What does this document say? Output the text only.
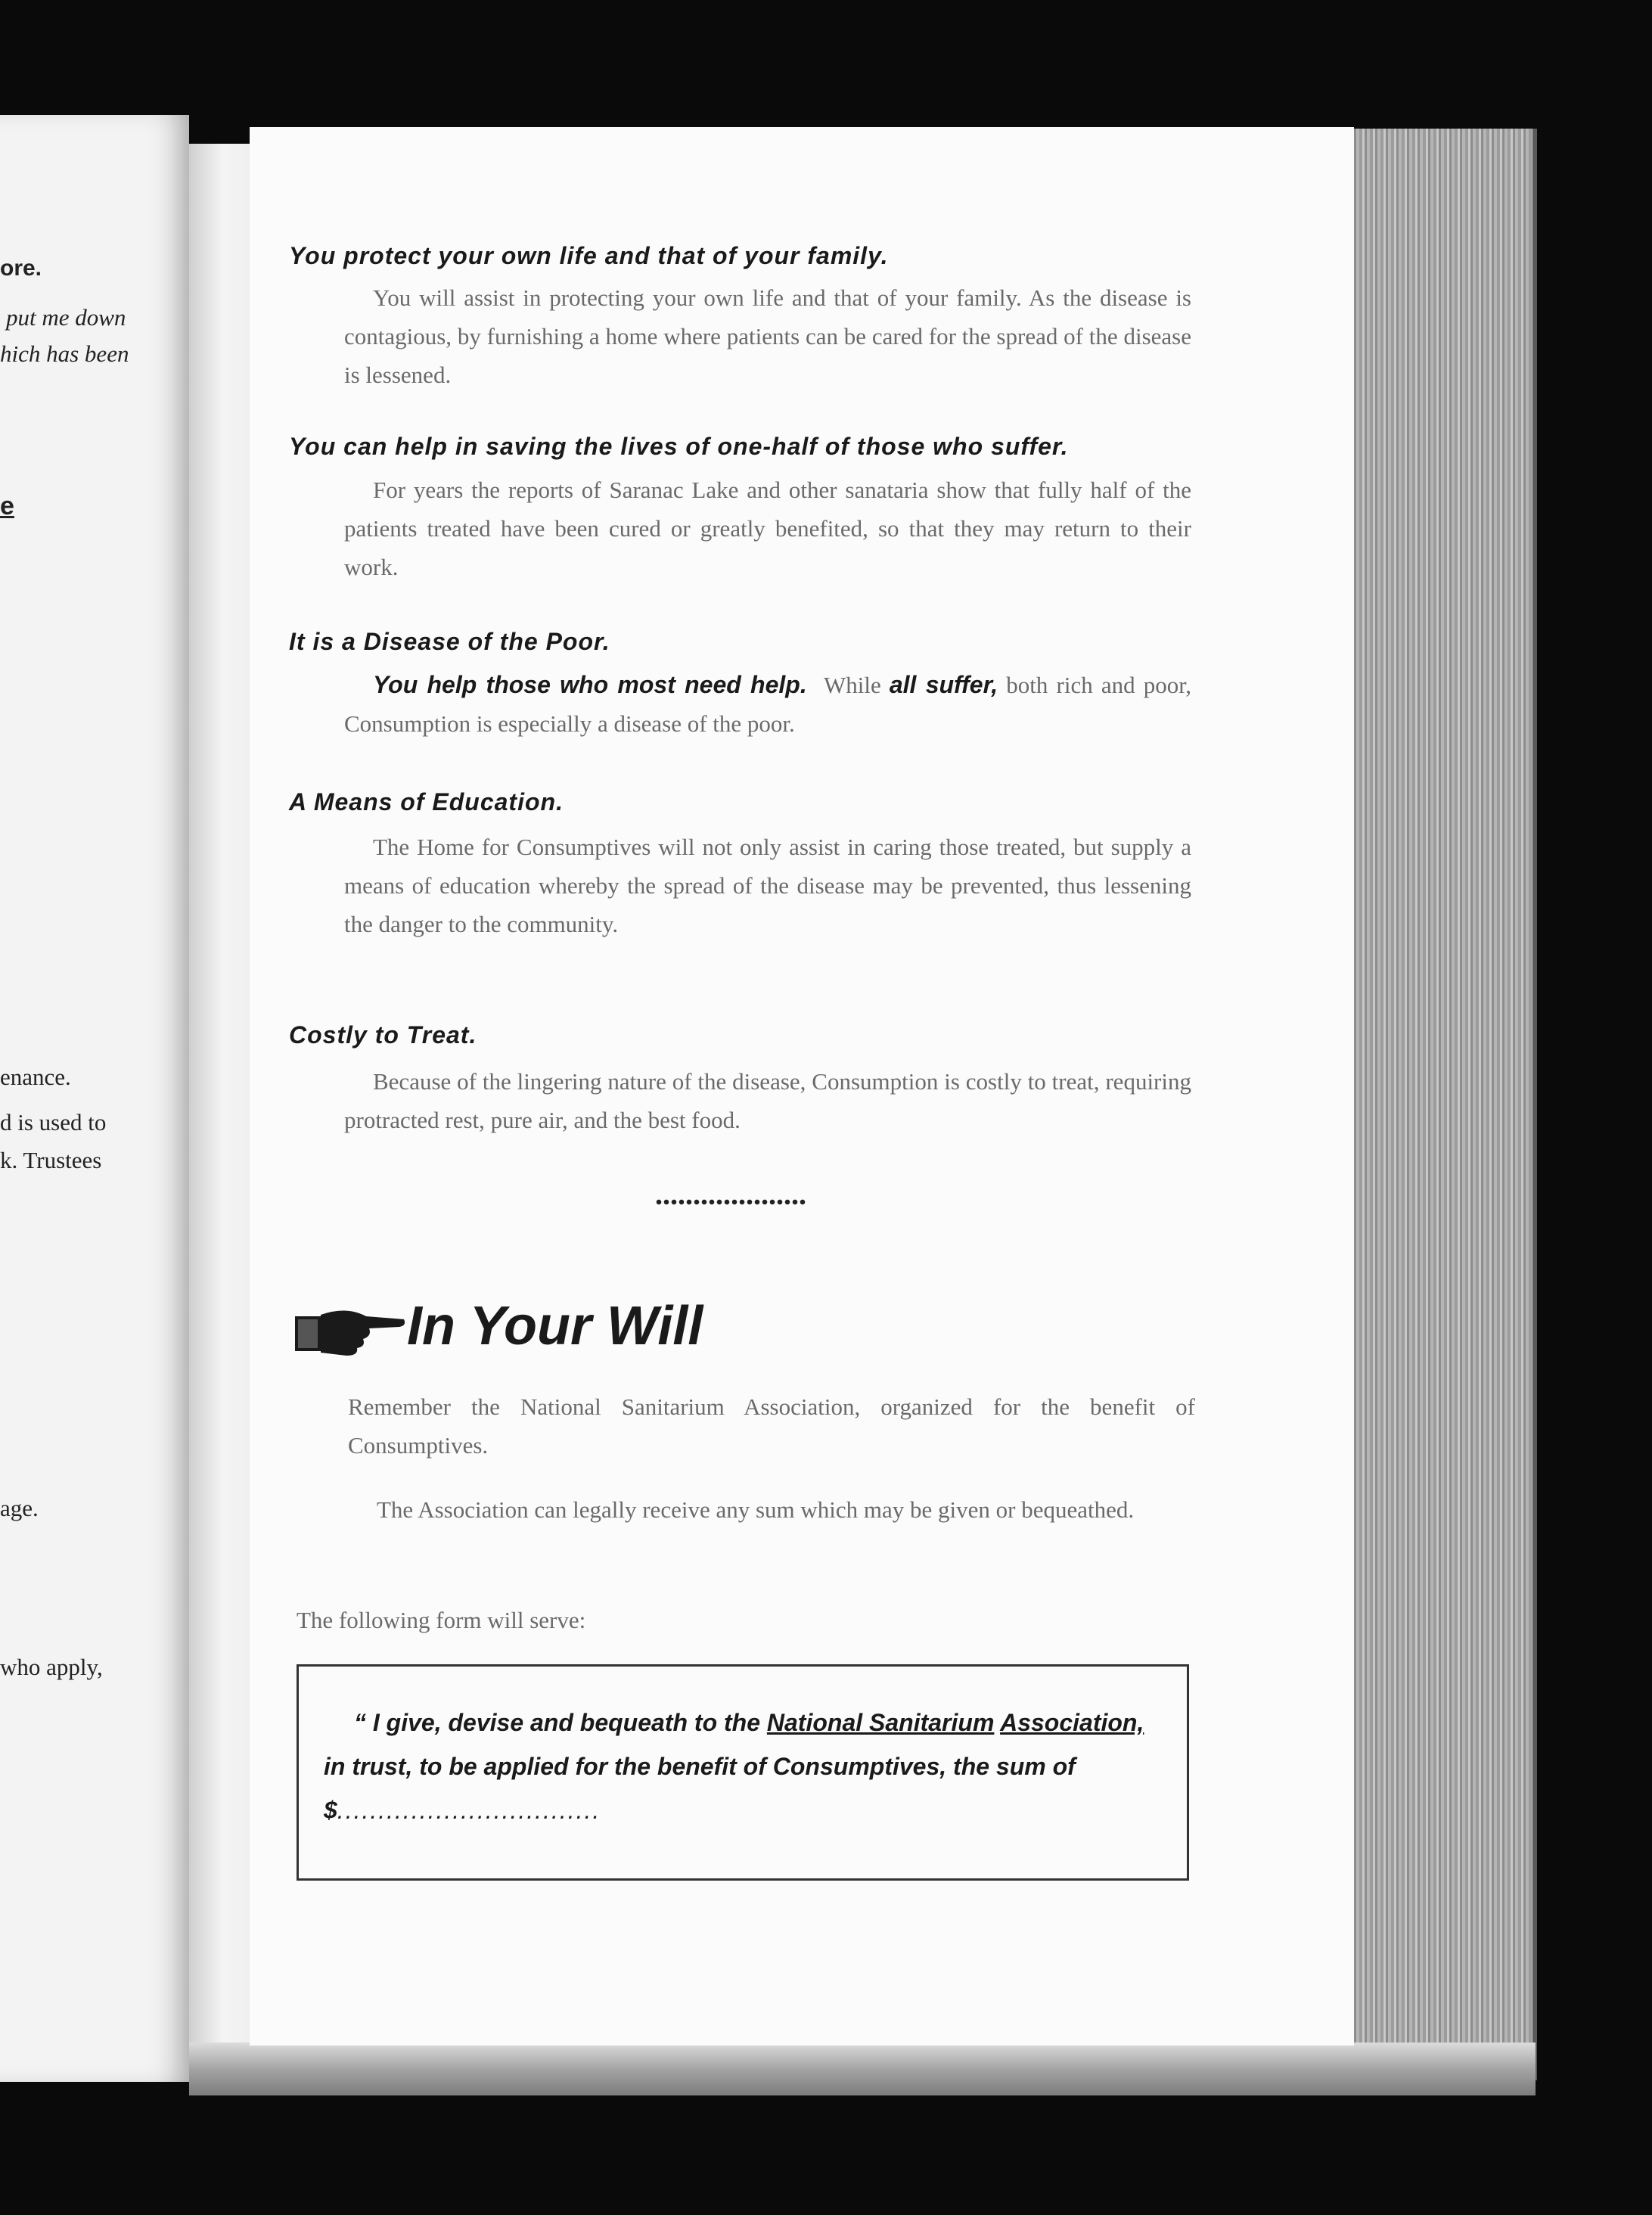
ore.
put me down
hich has been
e
enance.
d is used to
k. Trustees
age.
who apply,
You protect your own life and that of your family.
You will assist in protecting your own life and that of your family. As the disease is contagious, by furnishing a home where patients can be cared for the spread of the disease is lessened.
You can help in saving the lives of one-half of those who suffer.
For years the reports of Saranac Lake and other sanataria show that fully half of the patients treated have been cured or greatly benefited, so that they may return to their work.
It is a Disease of the Poor.
You help those who most need help. While all suffer, both rich and poor, Consumption is especially a disease of the poor.
A Means of Education.
The Home for Consumptives will not only assist in caring those treated, but supply a means of education whereby the spread of the disease may be prevented, thus lessening the danger to the community.
Costly to Treat.
Because of the lingering nature of the disease, Consumption is costly to treat, requiring protracted rest, pure air, and the best food.
In Your Will
Remember the National Sanitarium Association, organized for the benefit of Consumptives.
The Association can legally receive any sum which may be given or bequeathed.
The following form will serve:
“ I give, devise and bequeath to the National Sanitarium Association, in trust, to be applied for the benefit of Consumptives, the sum of $................................
